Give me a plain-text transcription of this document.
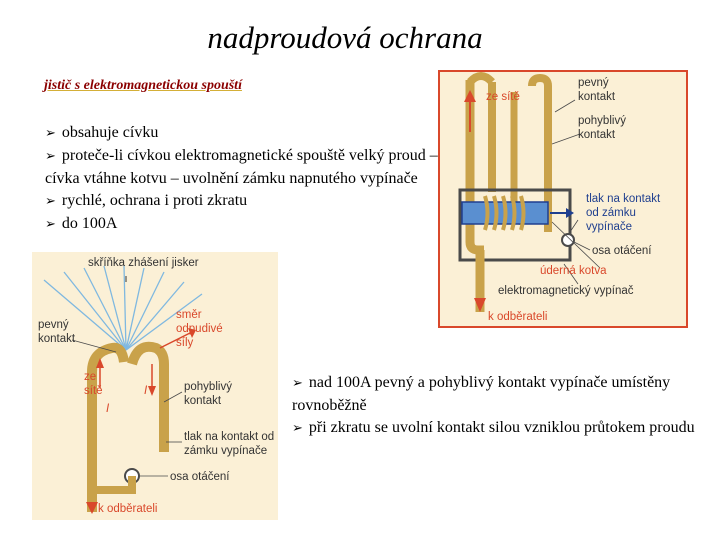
nadproudová ochrana
jistič s elektromagnetickou spouští

➢ obsahuje cívku

➢ proteče-li cívkou elektromagnetické spouště velký proud – cívka vtáhne kotvu – uvolnění zámku napnutého vypínače

➢ rychlé, ochrana i proti zkratu

➢ do 100A

➢ nad 100A pevný a pohyblivý kontakt vypínače umístěny rovnoběžně

➢ při zkratu se uvolní kontakt silou vzniklou průtokem proudu

ze sítě
pevný
kontakt
pohyblivý
kontakt
tlak na kontakt
od zámku
vypínače
osa otáčení
úderná kotva
elektromagnetický vypínač
k odběrateli
skříňka zhášení jisker
pevný
kontakt
směr
odpudivé
síly
ze
sítě
I
I	pohyblivý
kontakt
tlak na kontakt od
zámku vypínače
osa otáčení
k odběrateli
